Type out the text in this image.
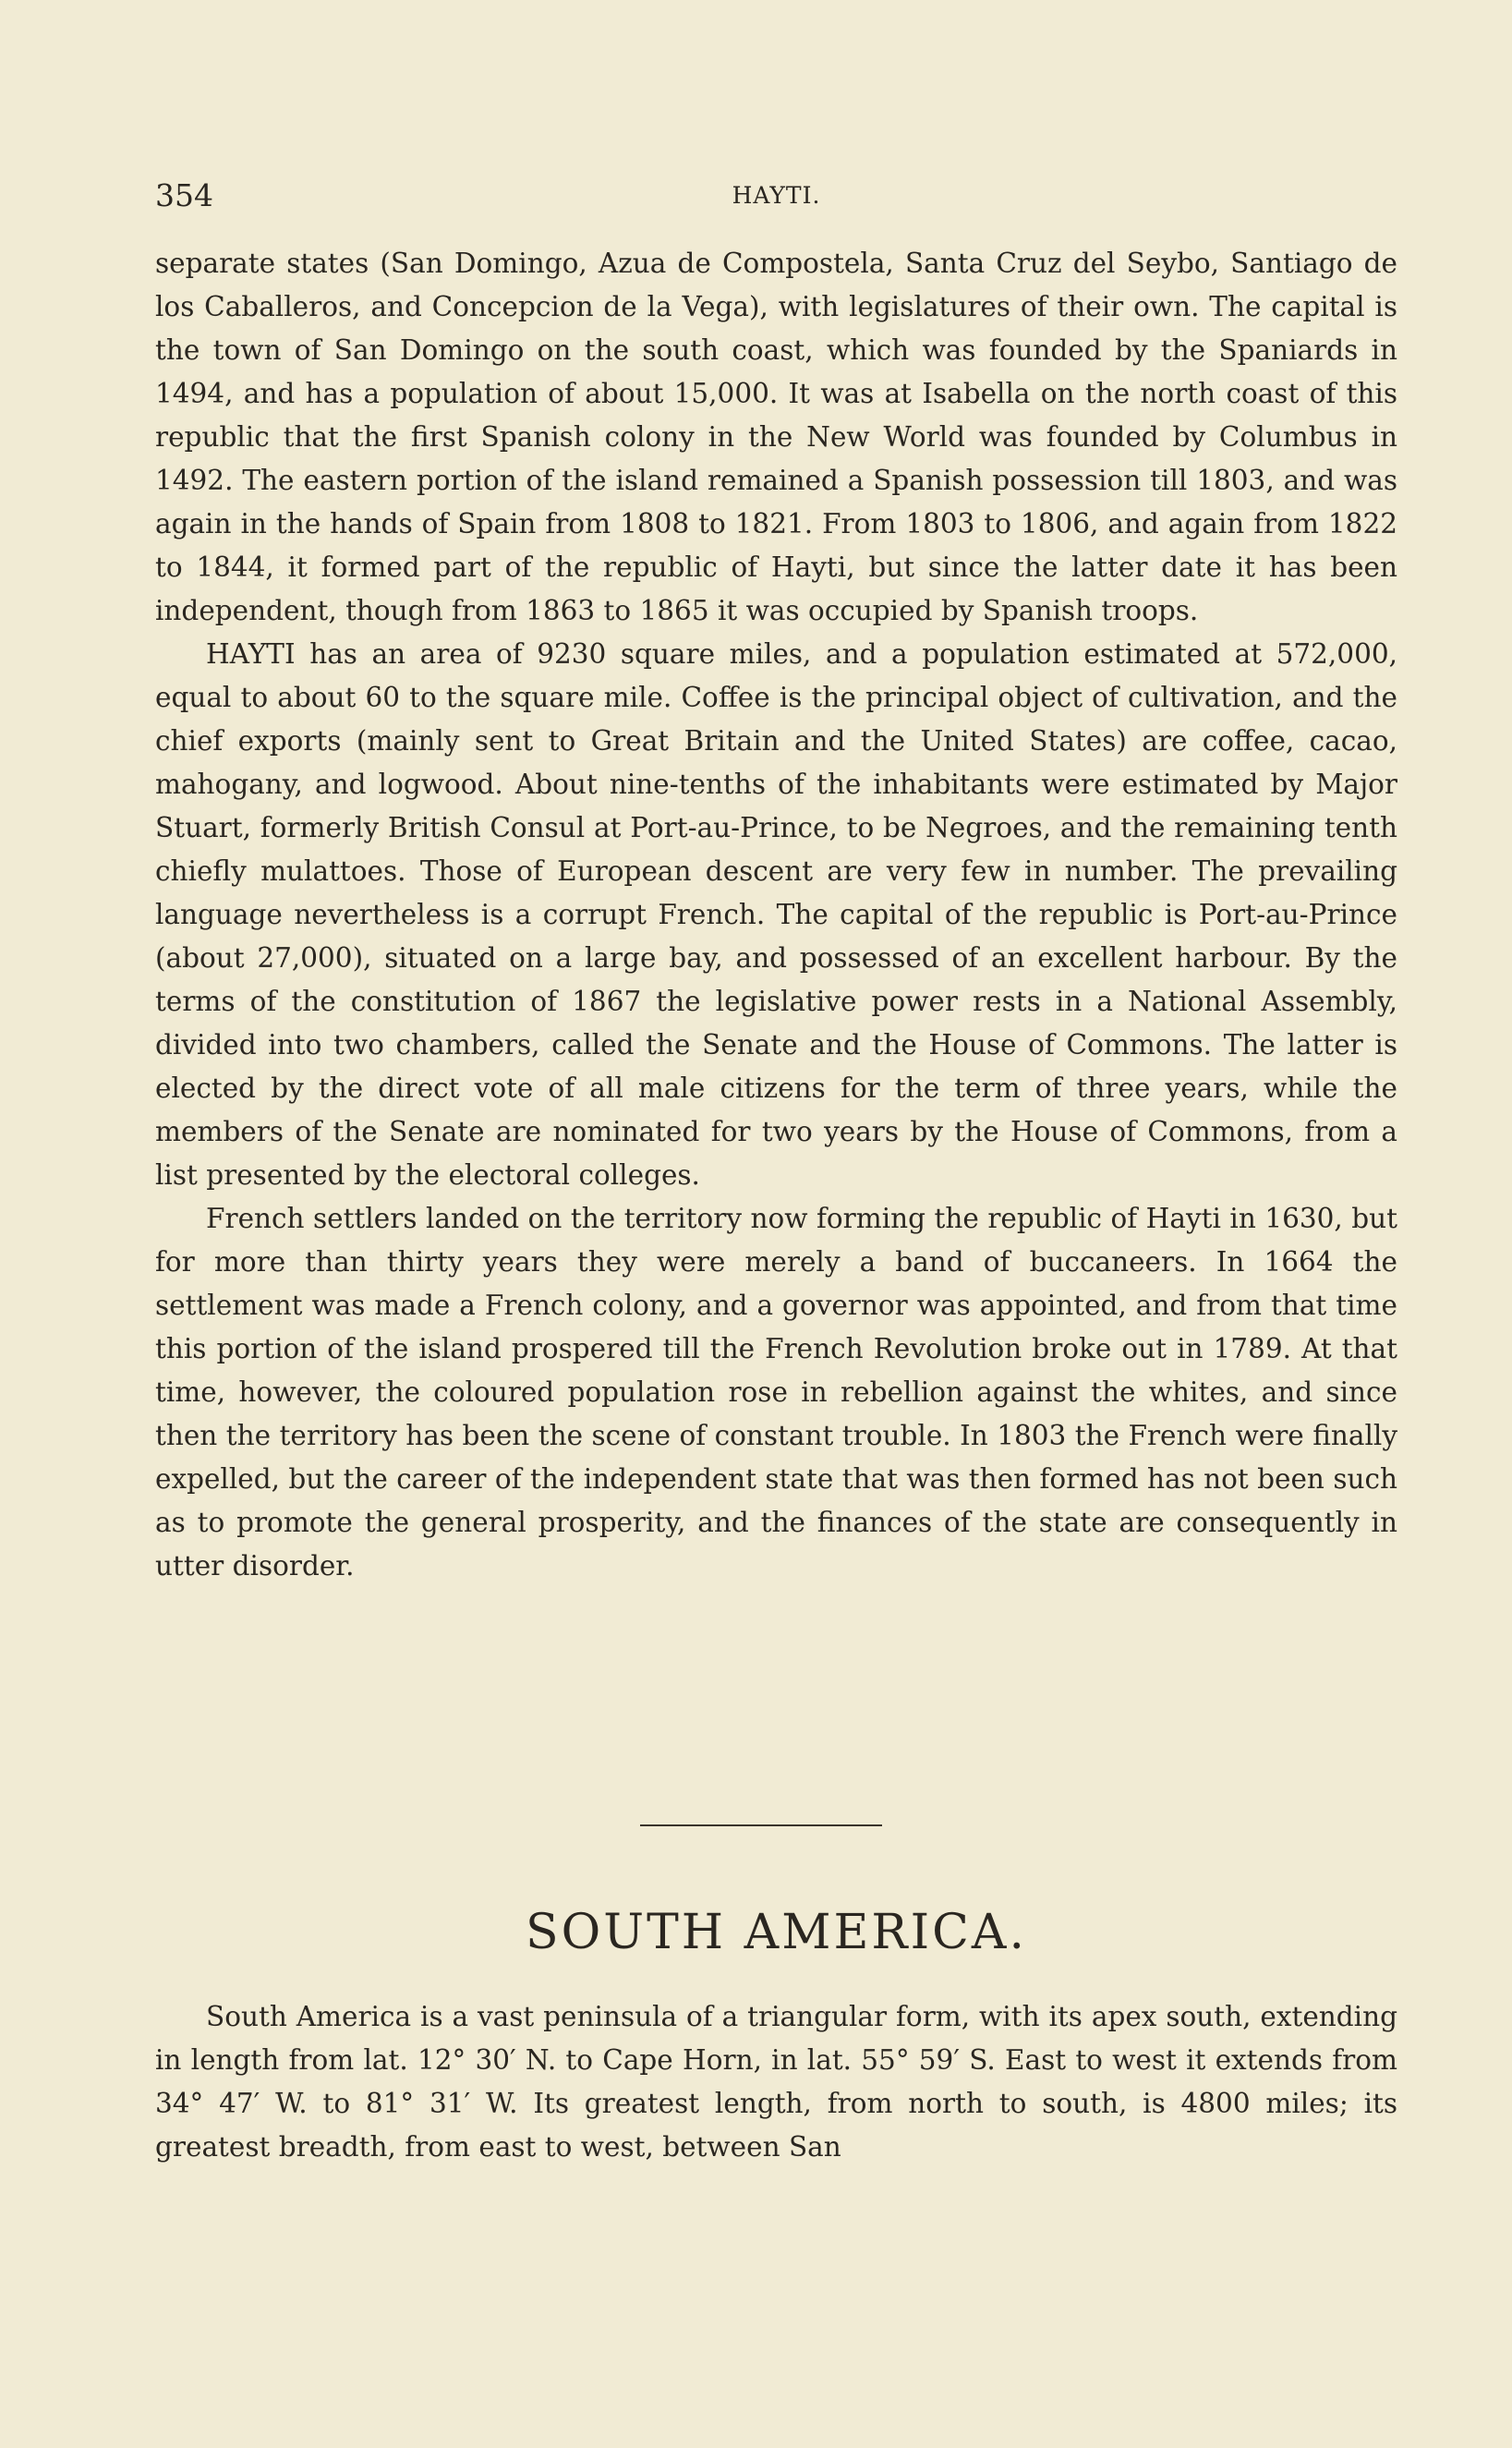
354	HAYTI.

separate states (San Domingo, Azua de Compostela, Santa Cruz del Seybo, Santiago de los Caballeros, and Concepcion de la Vega), with legislatures of their own. The capital is the town of San Domingo on the south coast, which was founded by the Spaniards in 1494, and has a population of about 15,000. It was at Isabella on the north coast of this republic that the first Spanish colony in the New World was founded by Columbus in 1492. The eastern portion of the island remained a Spanish possession till 1803, and was again in the hands of Spain from 1808 to 1821. From 1803 to 1806, and again from 1822 to 1844, it formed part of the republic of Hayti, but since the latter date it has been independent, though from 1863 to 1865 it was occupied by Spanish troops.

HAYTI has an area of 9230 square miles, and a population estimated at 572,000, equal to about 60 to the square mile. Coffee is the principal object of cultivation, and the chief exports (mainly sent to Great Britain and the United States) are coffee, cacao, mahogany, and logwood. About nine-tenths of the inhabitants were estimated by Major Stuart, formerly British Consul at Port-au-Prince, to be Negroes, and the remaining tenth chiefly mulattoes. Those of European descent are very few in number. The prevailing language nevertheless is a corrupt French. The capital of the republic is Port-au-Prince (about 27,000), situated on a large bay, and possessed of an excellent harbour. By the terms of the constitution of 1867 the legislative power rests in a National Assembly, divided into two chambers, called the Senate and the House of Commons. The latter is elected by the direct vote of all male citizens for the term of three years, while the members of the Senate are nominated for two years by the House of Commons, from a list presented by the electoral colleges.

French settlers landed on the territory now forming the republic of Hayti in 1630, but for more than thirty years they were merely a band of buccaneers. In 1664 the settlement was made a French colony, and a governor was appointed, and from that time this portion of the island prospered till the French Revolution broke out in 1789. At that time, however, the coloured population rose in rebellion against the whites, and since then the territory has been the scene of constant trouble. In 1803 the French were finally expelled, but the career of the independent state that was then formed has not been such as to promote the general prosperity, and the finances of the state are consequently in utter disorder.

SOUTH AMERICA.

South America is a vast peninsula of a triangular form, with its apex south, extending in length from lat. 12° 30′ N. to Cape Horn, in lat. 55° 59′ S. East to west it extends from 34° 47′ W. to 81° 31′ W. Its greatest length, from north to south, is 4800 miles; its greatest breadth, from east to west, between San
